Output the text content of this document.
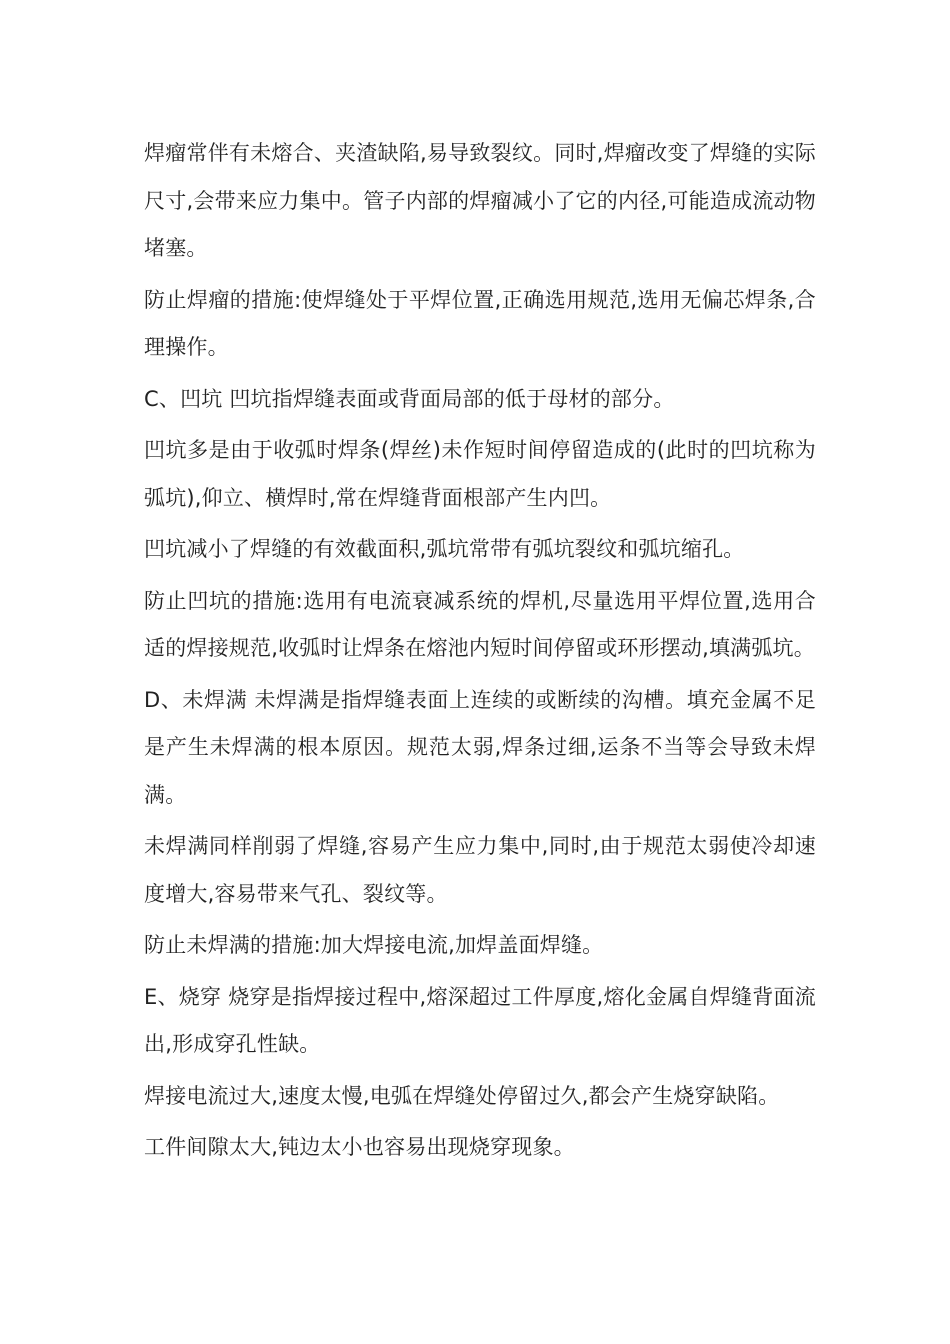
焊瘤常伴有未熔合、夹渣缺陷,易导致裂纹。同时,焊瘤改变了焊缝的实际尺寸,会带来应力集中。管子内部的焊瘤减小了它的内径,可能造成流动物堵塞。

防止焊瘤的措施:使焊缝处于平焊位置,正确选用规范,选用无偏芯焊条,合理操作。

C、凹坑 凹坑指焊缝表面或背面局部的低于母材的部分。

凹坑多是由于收弧时焊条(焊丝)未作短时间停留造成的(此时的凹坑称为弧坑),仰立、横焊时,常在焊缝背面根部产生内凹。

凹坑减小了焊缝的有效截面积,弧坑常带有弧坑裂纹和弧坑缩孔。

防止凹坑的措施:选用有电流衰减系统的焊机,尽量选用平焊位置,选用合适的焊接规范,收弧时让焊条在熔池内短时间停留或环形摆动,填满弧坑。

D、未焊满 未焊满是指焊缝表面上连续的或断续的沟槽。填充金属不足是产生未焊满的根本原因。规范太弱,焊条过细,运条不当等会导致未焊满。

未焊满同样削弱了焊缝,容易产生应力集中,同时,由于规范太弱使冷却速度增大,容易带来气孔、裂纹等。

防止未焊满的措施:加大焊接电流,加焊盖面焊缝。

E、烧穿 烧穿是指焊接过程中,熔深超过工件厚度,熔化金属自焊缝背面流出,形成穿孔性缺。

焊接电流过大,速度太慢,电弧在焊缝处停留过久,都会产生烧穿缺陷。

工件间隙太大,钝边太小也容易出现烧穿现象。
